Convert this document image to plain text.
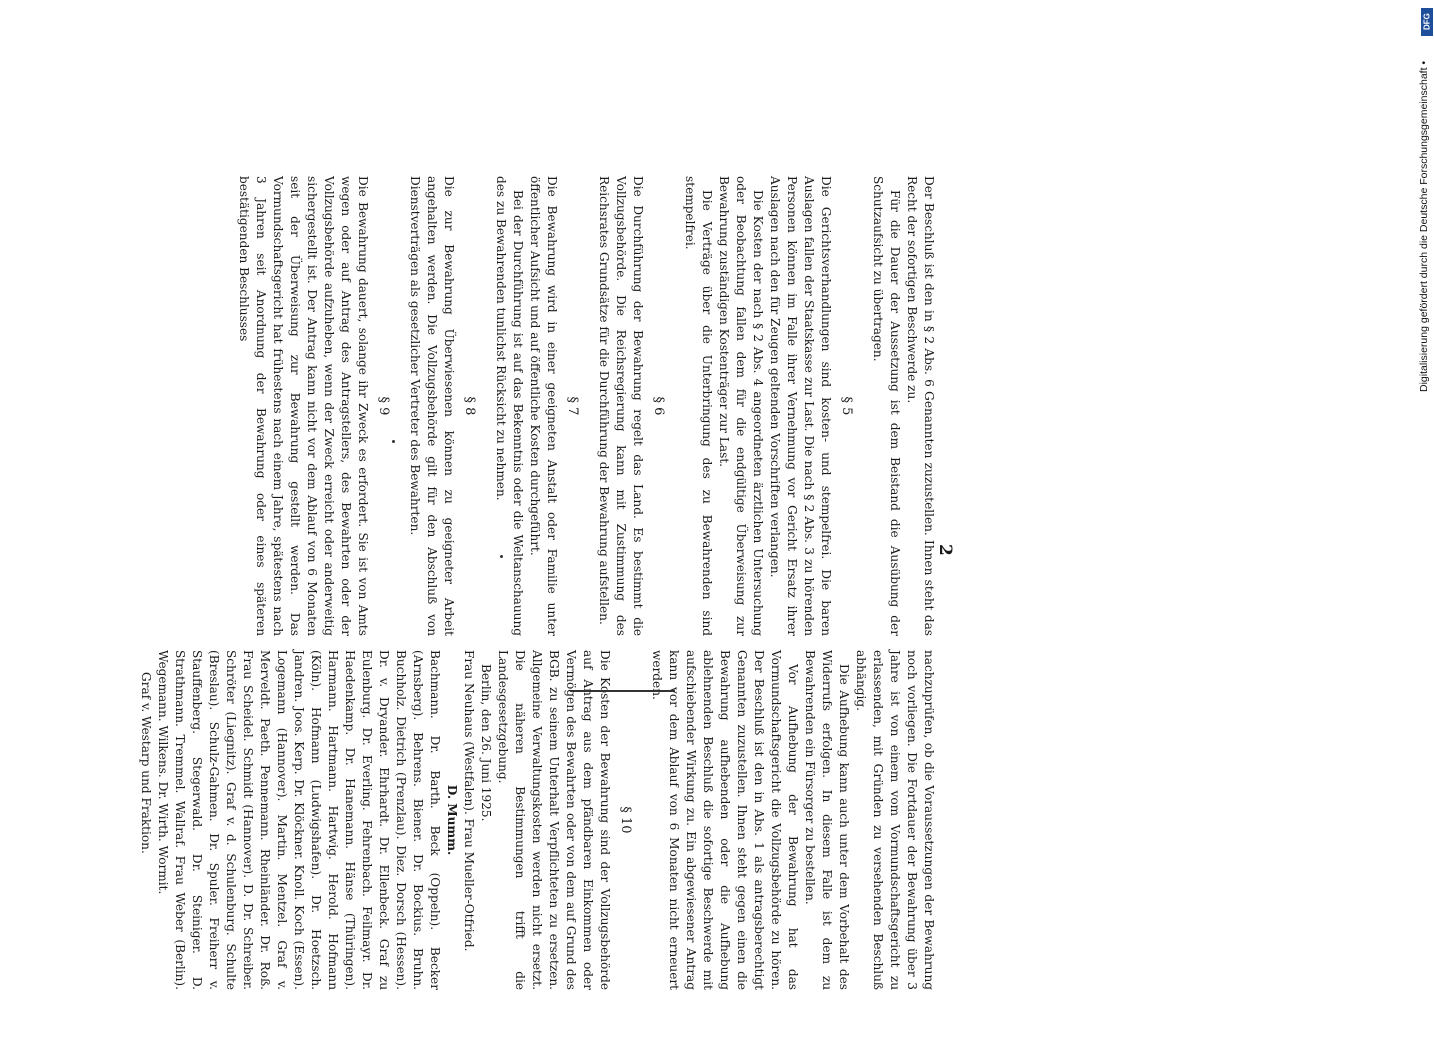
2

Der Beschluß ist den in § 2 Abs. 6 Genannten zuzustellen. Ihnen steht das Recht der sofortigen Beschwerde zu.

Für die Dauer der Aussetzung ist dem Beistand die Ausübung der Schutzaufsicht zu übertragen.

§ 5

Die Gerichtsverhandlungen sind kosten- und stempelfrei. Die baren Auslagen fallen der Staatskasse zur Last. Die nach § 2 Abs. 3 zu hörenden Personen können im Falle ihrer Vernehmung vor Gericht Ersatz ihrer Auslagen nach den für Zeugen geltenden Vorschriften verlangen.

Die Kosten der nach § 2 Abs. 4 angeordneten ärztlichen Untersuchung oder Beobachtung fallen dem für die endgültige Überweisung zur Bewahrung zuständigen Kostenträger zur Last.

Die Verträge über die Unterbringung des zu Bewahrenden sind stempelfrei.

§ 6

Die Durchführung der Bewahrung regelt das Land. Es bestimmt die Vollzugsbehörde. Die Reichsregierung kann mit Zustimmung des Reichsrates Grundsätze für die Durchführung der Bewahrung aufstellen.

§ 7

Die Bewahrung wird in einer geeigneten Anstalt oder Familie unter öffentlicher Aufsicht und auf öffentliche Kosten durchgeführt.

Bei der Durchführung ist auf das Bekenntnis oder die Weltanschauung des zu Bewahrenden tunlichst Rücksicht zu nehmen.

§ 8

Die zur Bewahrung Überwiesenen können zu geeigneter Arbeit angehalten werden. Die Vollzugsbehörde gilt für den Abschluß von Dienstverträgen als gesetzlicher Vertreter des Bewahrten.

§ 9

Die Bewahrung dauert, solange ihr Zweck es erfordert. Sie ist von Amts wegen oder auf Antrag des Antragstellers, des Bewahrten oder der Vollzugsbehörde aufzuheben, wenn der Zweck erreicht oder anderweitig sichergestellt ist. Der Antrag kann nicht vor dem Ablauf von 6 Monaten seit der Überweisung zur Bewahrung gestellt werden. Das Vormundschaftsgericht hat frühestens nach einem Jahre, spätestens nach 3 Jahren seit Anordnung der Bewahrung oder eines späteren bestätigenden Beschlusses

nachzuprüfen, ob die Voraussetzungen der Bewahrung noch vorliegen. Die Fortdauer der Bewahrung über 3 Jahre ist von einem vom Vormundschaftsgericht zu erlassenden, mit Gründen zu versehenden Beschluß abhängig.

Die Aufhebung kann auch unter dem Vorbehalt des Widerrufs erfolgen. In diesem Falle ist dem zu Bewahrenden ein Fürsorger zu bestellen.

Vor Aufhebung der Bewahrung hat das Vormundschaftsgericht die Vollzugsbehörde zu hören. Der Beschluß ist den in Abs. 1 als antragsberechtigt Genannten zuzustellen. Ihnen steht gegen einen die Bewahrung aufhebenden oder die Aufhebung ablehnenden Beschluß die sofortige Beschwerde mit aufschiebender Wirkung zu. Ein abgewiesener Antrag kann vor dem Ablauf von 6 Monaten nicht erneuert werden.

§ 10

Die Kosten der Bewahrung sind der Vollzugsbehörde auf Antrag aus dem pfändbaren Einkommen oder Vermögen des Bewahrten oder von dem auf Grund des BGB. zu seinem Unterhalt Verpflichteten zu ersetzen. Allgemeine Verwaltungskosten werden nicht ersetzt. Die näheren Bestimmungen trifft die Landesgesetzgebung.

Berlin, den 26. Juni 1925.

Frau Neuhaus (Westfalen). Frau Mueller-Otfried.

D. Mumm.

Bachmann. Dr. Barth. Beck (Oppeln). Becker (Arnsberg). Behrens. Biener. Dr. Bockius. Bruhn. Buchholz. Dietrich (Prenzlau). Diez. Dorsch (Hessen). Dr. v. Dryander. Ehrhardt. Dr. Ellenbeck. Graf zu Eulenburg. Dr. Everling. Fehrenbach. Feilmayr. Dr. Haedenkamp. Dr. Hanemann. Hänse (Thüringen). Harmann. Hartmann. Hartwig. Herold. Hofmann (Köln). Hofmann (Ludwigshafen). Dr. Hoetzsch. Jandren. Joos. Kerp. Dr. Klöckner. Knoll. Koch (Essen). Logemann (Hannover). Martin. Mentzel. Graf v. Merveldt. Paeth. Pennemann. Rheinländer. Dr. Roß. Frau Scheidel. Schmidt (Hannover). D. Dr. Schreiber. Schröter (Liegnitz). Graf v. d. Schulenburg. Schulte (Breslau). Schulz-Gahmen. Dr. Spuler. Freiherr v. Stauffenberg. Stegerwald. Dr. Steiniger. D. Strathmann. Tremmel. Wallraf. Frau Weber (Berlin). Wegemann. Wilkens. Dr. Wirth. Wormit.

Graf v. Westarp und Fraktion.

Digitalisierung gefördert durch die Deutsche Forschungsgemeinschaft •
DFG
